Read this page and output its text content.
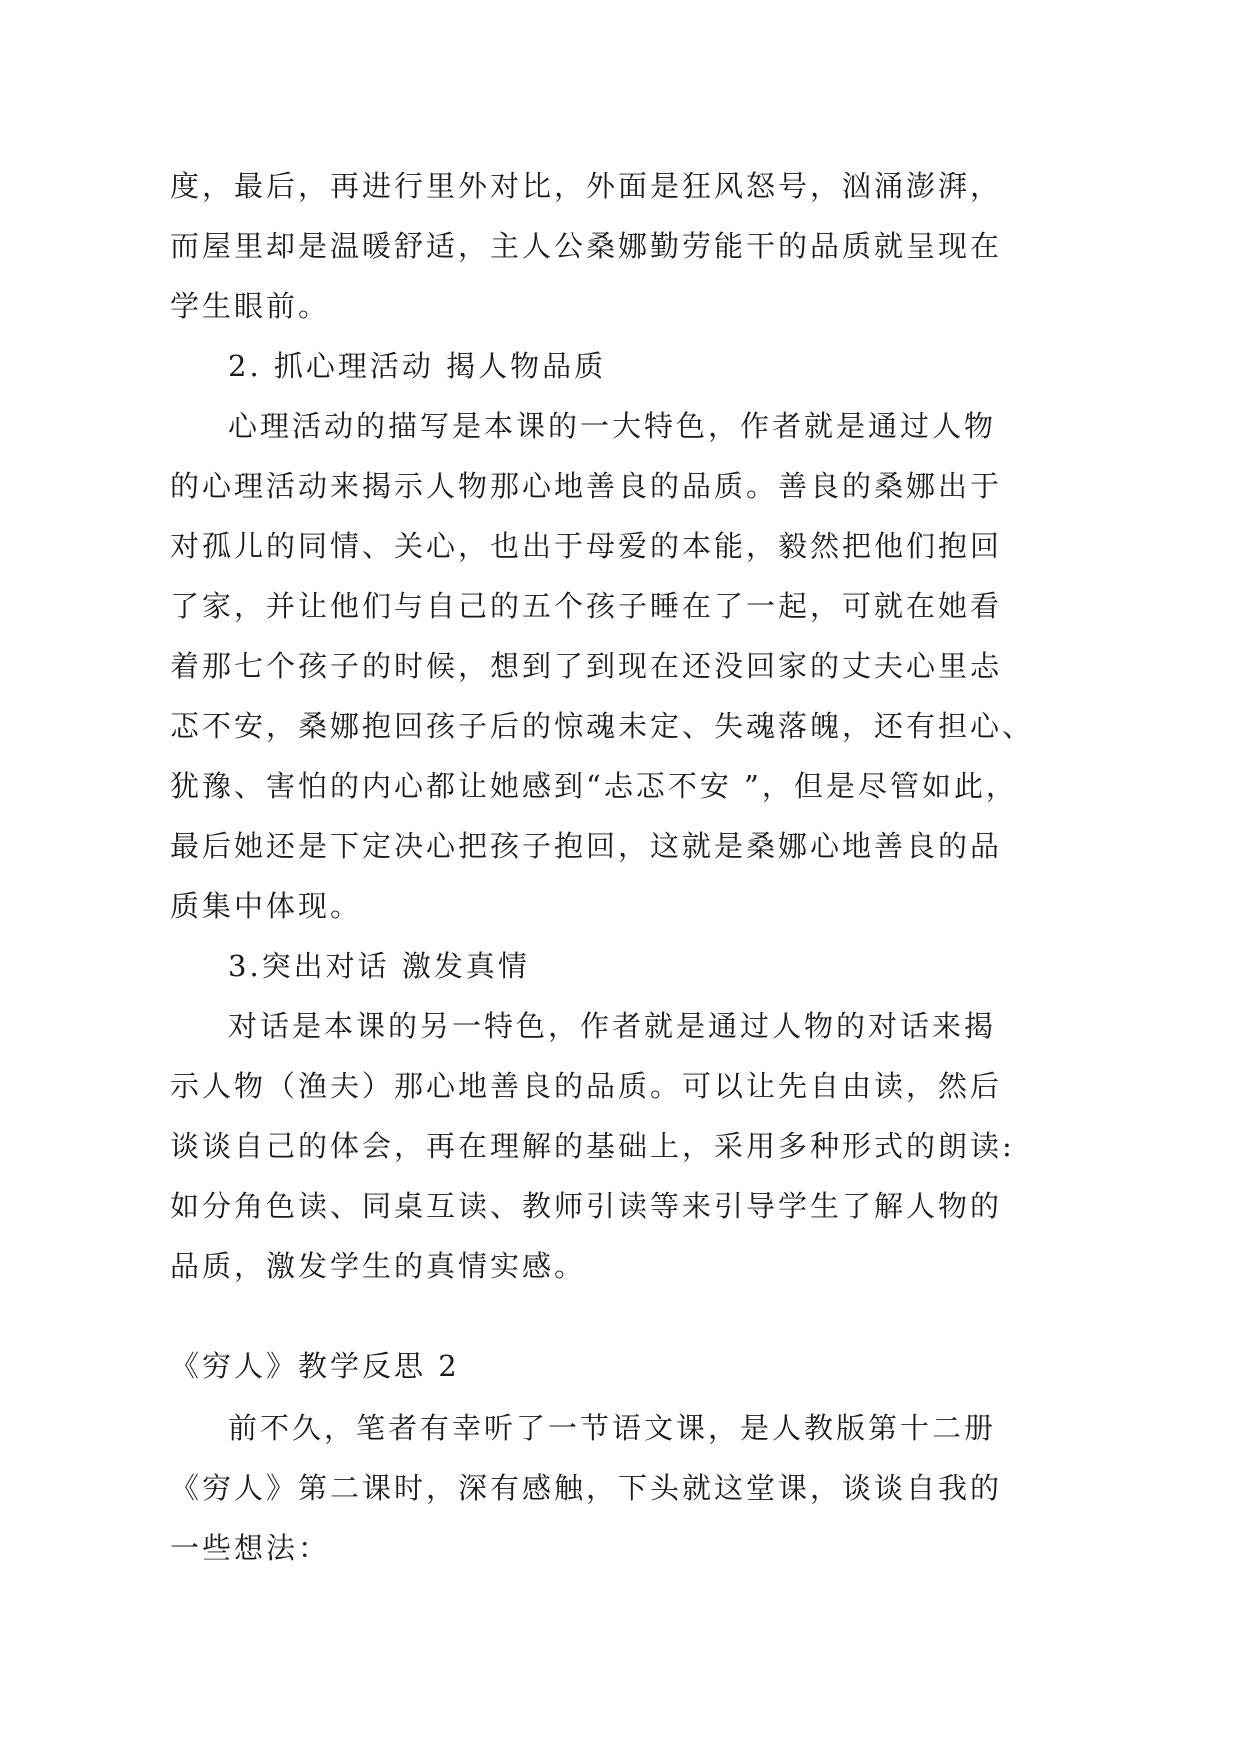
度，最后，再进行里外对比，外面是狂风怒号，汹涌澎湃，
而屋里却是温暖舒适，主人公桑娜勤劳能干的品质就呈现在
学生眼前。
2. 抓心理活动 揭人物品质
心理活动的描写是本课的一大特色，作者就是通过人物
的心理活动来揭示人物那心地善良的品质。善良的桑娜出于
对孤儿的同情、关心，也出于母爱的本能，毅然把他们抱回
了家，并让他们与自己的五个孩子睡在了一起，可就在她看
着那七个孩子的时候，想到了到现在还没回家的丈夫心里忐
忑不安，桑娜抱回孩子后的惊魂未定、失魂落魄，还有担心、
犹豫、害怕的内心都让她感到“忐忑不安 ”，但是尽管如此，
最后她还是下定决心把孩子抱回，这就是桑娜心地善良的品
质集中体现。
3.突出对话 激发真情
对话是本课的另一特色，作者就是通过人物的对话来揭
示人物（渔夫）那心地善良的品质。可以让先自由读，然后
谈谈自己的体会，再在理解的基础上，采用多种形式的朗读:
如分角色读、同桌互读、教师引读等来引导学生了解人物的
品质，激发学生的真情实感。
《穷人》教学反思 2
前不久，笔者有幸听了一节语文课，是人教版第十二册
《穷人》第二课时，深有感触，下头就这堂课，谈谈自我的
一些想法：
